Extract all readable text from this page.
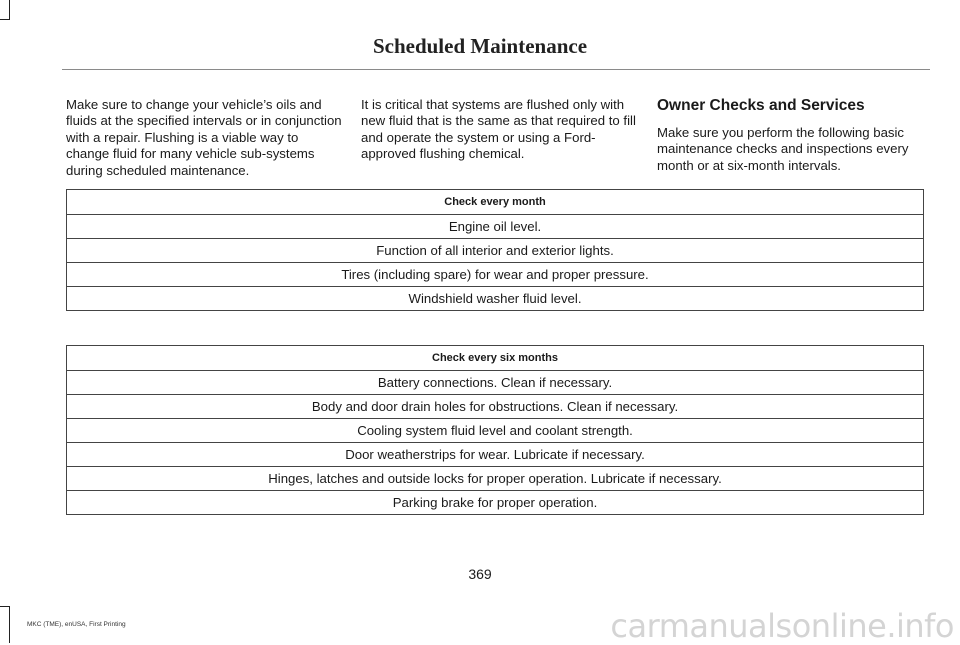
Scheduled Maintenance

Make sure to change your vehicle’s oils and fluids at the specified intervals or in conjunction with a repair. Flushing is a viable way to change fluid for many vehicle sub-systems during scheduled maintenance.

It is critical that systems are flushed only with new fluid that is the same as that required to fill and operate the system or using a Ford-approved flushing chemical.

Owner Checks and Services

Make sure you perform the following basic maintenance checks and inspections every month or at six-month intervals.

Check every month
Engine oil level.
Function of all interior and exterior lights.
Tires (including spare) for wear and proper pressure.
Windshield washer fluid level.
Check every six months
Battery connections. Clean if necessary.
Body and door drain holes for obstructions. Clean if necessary.
Cooling system fluid level and coolant strength.
Door weatherstrips for wear. Lubricate if necessary.
Hinges, latches and outside locks for proper operation. Lubricate if necessary.
Parking brake for proper operation.
369
MKC (TME), enUSA, First Printing	carmanualsonline.info
